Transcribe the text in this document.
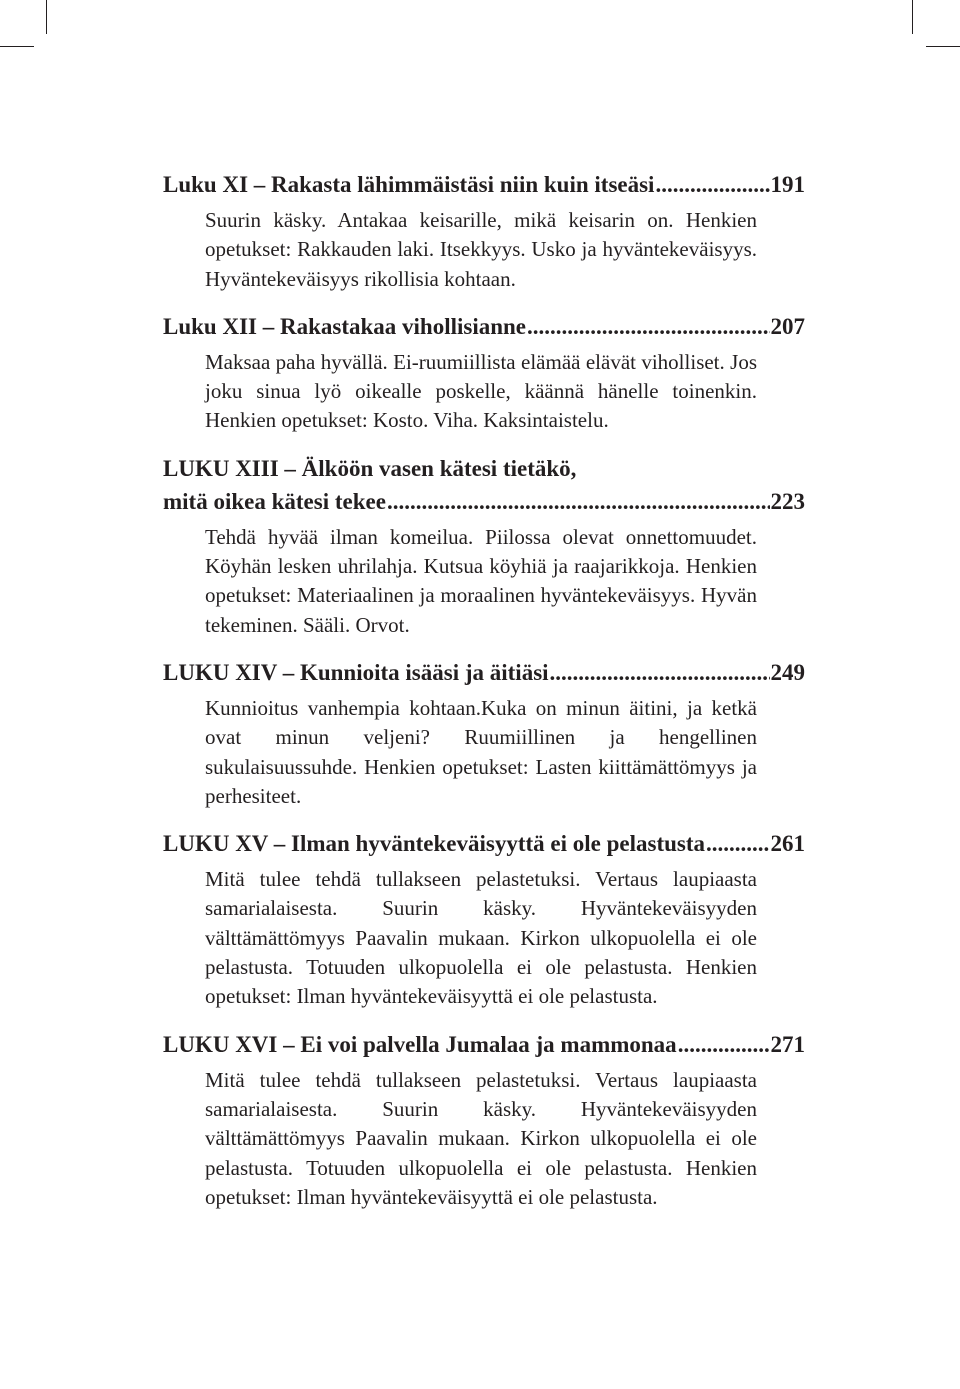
Luku XI – Rakasta lähimmäistäsi niin kuin itseäsi .....	191

Suurin käsky. Antakaa keisarille, mikä keisarin on. Henkien opetukset: Rakkauden laki. Itsekkyys. Usko ja hyväntekeväisyys. Hyväntekeväisyys rikollisia kohtaan.

Luku XII – Rakastakaa vihollisianne .....	207

Maksaa paha hyvällä. Ei-ruumiillista elämää elävät viholliset. Jos joku sinua lyö oikealle poskelle, käännä hänelle toinenkin. Henkien opetukset: Kosto. Viha. Kaksintaistelu.

LUKU XIII – Älköön vasen kätesi tietäkö,
mitä oikea kätesi tekee .....	223

Tehdä hyvää ilman komeilua. Piilossa olevat onnettomuudet. Köyhän lesken uhrilahja. Kutsua köyhiä ja raajarikkoja. Henkien opetukset: Materiaalinen ja moraalinen hyväntekeväisyys. Hyvän tekeminen. Sääli. Orvot.

LUKU XIV – Kunnioita isääsi ja äitiäsi .....	249

Kunnioitus vanhempia kohtaan.Kuka on minun äitini, ja ketkä ovat minun veljeni? Ruumiillinen ja hengellinen sukulaisuussuhde. Henkien opetukset: Lasten kiittämättömyys ja perhesiteet.

LUKU XV – Ilman hyväntekeväisyyttä ei ole pelastusta .....	261

Mitä tulee tehdä tullakseen pelastetuksi. Vertaus laupiaasta samarialaisesta. Suurin käsky. Hyväntekeväisyyden välttämättömyys Paavalin mukaan. Kirkon ulkopuolella ei ole pelastusta. Totuuden ulkopuolella ei ole pelastusta. Henkien opetukset: Ilman hyväntekeväisyyttä ei ole pelastusta.

LUKU XVI – Ei voi palvella Jumalaa ja mammonaa .....	271

Mitä tulee tehdä tullakseen pelastetuksi. Vertaus laupiaasta samarialaisesta. Suurin käsky. Hyväntekeväisyyden välttämättömyys Paavalin mukaan. Kirkon ulkopuolella ei ole pelastusta. Totuuden ulkopuolella ei ole pelastusta. Henkien opetukset: Ilman hyväntekeväisyyttä ei ole pelastusta.
